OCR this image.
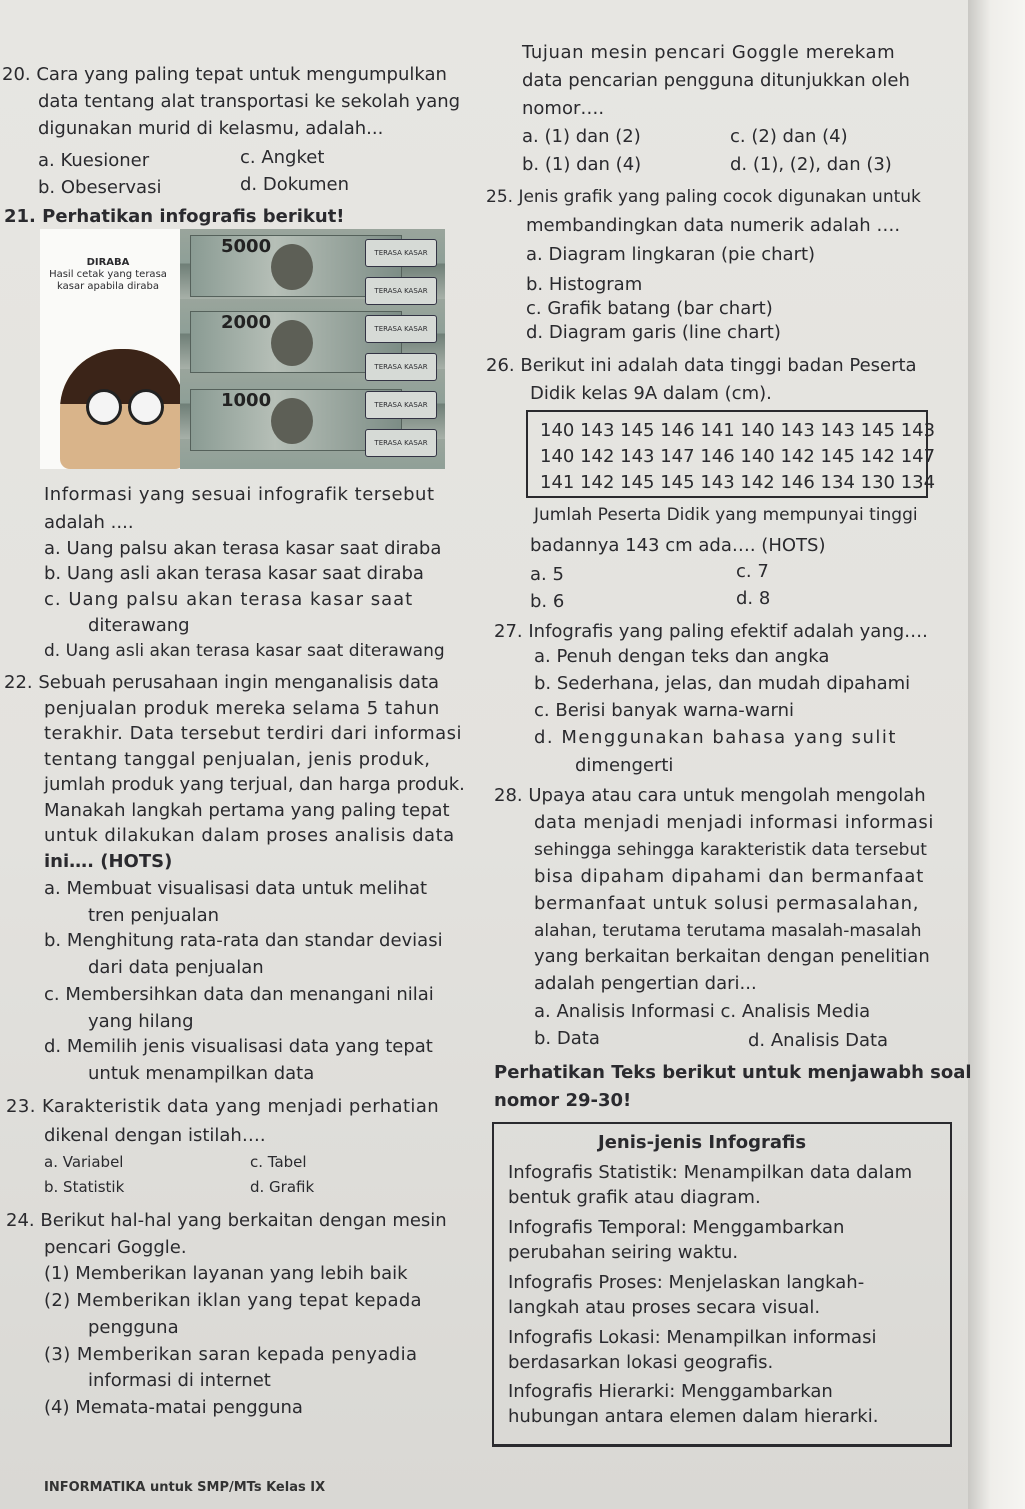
20. Cara yang paling tepat untuk mengumpulkan
data tentang alat transportasi ke sekolah yang
digunakan murid di kelasmu, adalah...
a. Kuesioner	c. Angket
b. Obeservasi	d. Dokumen
21. Perhatikan infografis berikut!
DIRABA
Hasil cetak yang terasa kasar apabila diraba
5000
2000
1000
TERASA KASAR
TERASA KASAR
TERASA KASAR
TERASA KASAR
TERASA KASAR
TERASA KASAR
Informasi yang sesuai infografik tersebut
adalah ....
a. Uang palsu akan terasa kasar saat diraba
b. Uang asli akan terasa kasar saat diraba
c. Uang palsu akan terasa kasar saat
diterawang
d. Uang asli akan terasa kasar saat diterawang
22. Sebuah perusahaan ingin menganalisis data
penjualan produk mereka selama 5 tahun
terakhir. Data tersebut terdiri dari informasi
tentang tanggal penjualan, jenis produk,
jumlah produk yang terjual, dan harga produk.
Manakah langkah pertama yang paling tepat
untuk dilakukan dalam proses analisis data
ini…. (HOTS)
a. Membuat visualisasi data untuk melihat
tren penjualan
b. Menghitung rata-rata dan standar deviasi
dari data penjualan
c. Membersihkan data dan menangani nilai
yang hilang
d. Memilih jenis visualisasi data yang tepat
untuk menampilkan data
23. Karakteristik data yang menjadi perhatian
dikenal dengan istilah….
a. Variabel	c. Tabel
b. Statistik	d. Grafik
24. Berikut hal-hal yang berkaitan dengan mesin
pencari Goggle.
(1) Memberikan layanan yang lebih baik
(2) Memberikan iklan yang tepat kepada
pengguna
(3) Memberikan saran kepada penyadia
informasi di internet
(4) Memata-matai pengguna
INFORMATIKA untuk SMP/MTs Kelas IX
Tujuan mesin pencari Goggle merekam
data pencarian pengguna ditunjukkan oleh
nomor….
a. (1) dan (2)	c. (2) dan (4)
b. (1) dan (4)	d. (1), (2), dan (3)
25. Jenis grafik yang paling cocok digunakan untuk
membandingkan data numerik adalah ….
a. Diagram lingkaran (pie chart)
b. Histogram
c. Grafik batang (bar chart)
d. Diagram garis (line chart)
26. Berikut ini adalah data tinggi badan Peserta
Didik kelas 9A dalam (cm).
140 143 145 146 141 140 143 143 145 143
140 142 143 147 146 140 142 145 142 147
141 142 145 145 143 142 146 134 130 134
Jumlah Peserta Didik yang mempunyai tinggi
badannya 143 cm ada…. (HOTS)
a. 5	c. 7
b. 6	d. 8
27. Infografis yang paling efektif adalah yang….
a. Penuh dengan teks dan angka
b. Sederhana, jelas, dan mudah dipahami
c. Berisi banyak warna-warni
d. Menggunakan bahasa yang sulit
dimengerti
28. Upaya atau cara untuk mengolah mengolah
data menjadi menjadi informasi informasi
sehingga sehingga karakteristik data tersebut
bisa dipaham dipahami dan bermanfaat
bermanfaat untuk solusi permasalahan,
alahan, terutama terutama masalah-masalah
yang berkaitan berkaitan dengan penelitian
adalah pengertian dari...
a. Analisis Informasi c. Analisis Media
b. Data	d. Analisis Data
Perhatikan Teks berikut untuk menjawabh soal
nomor 29-30!
Jenis-jenis Infografis
Infografis Statistik: Menampilkan data dalam
bentuk grafik atau diagram.
Infografis Temporal: Menggambarkan
perubahan seiring waktu.
Infografis Proses: Menjelaskan langkah-
langkah atau proses secara visual.
Infografis Lokasi: Menampilkan informasi
berdasarkan lokasi geografis.
Infografis Hierarki: Menggambarkan
hubungan antara elemen dalam hierarki.
